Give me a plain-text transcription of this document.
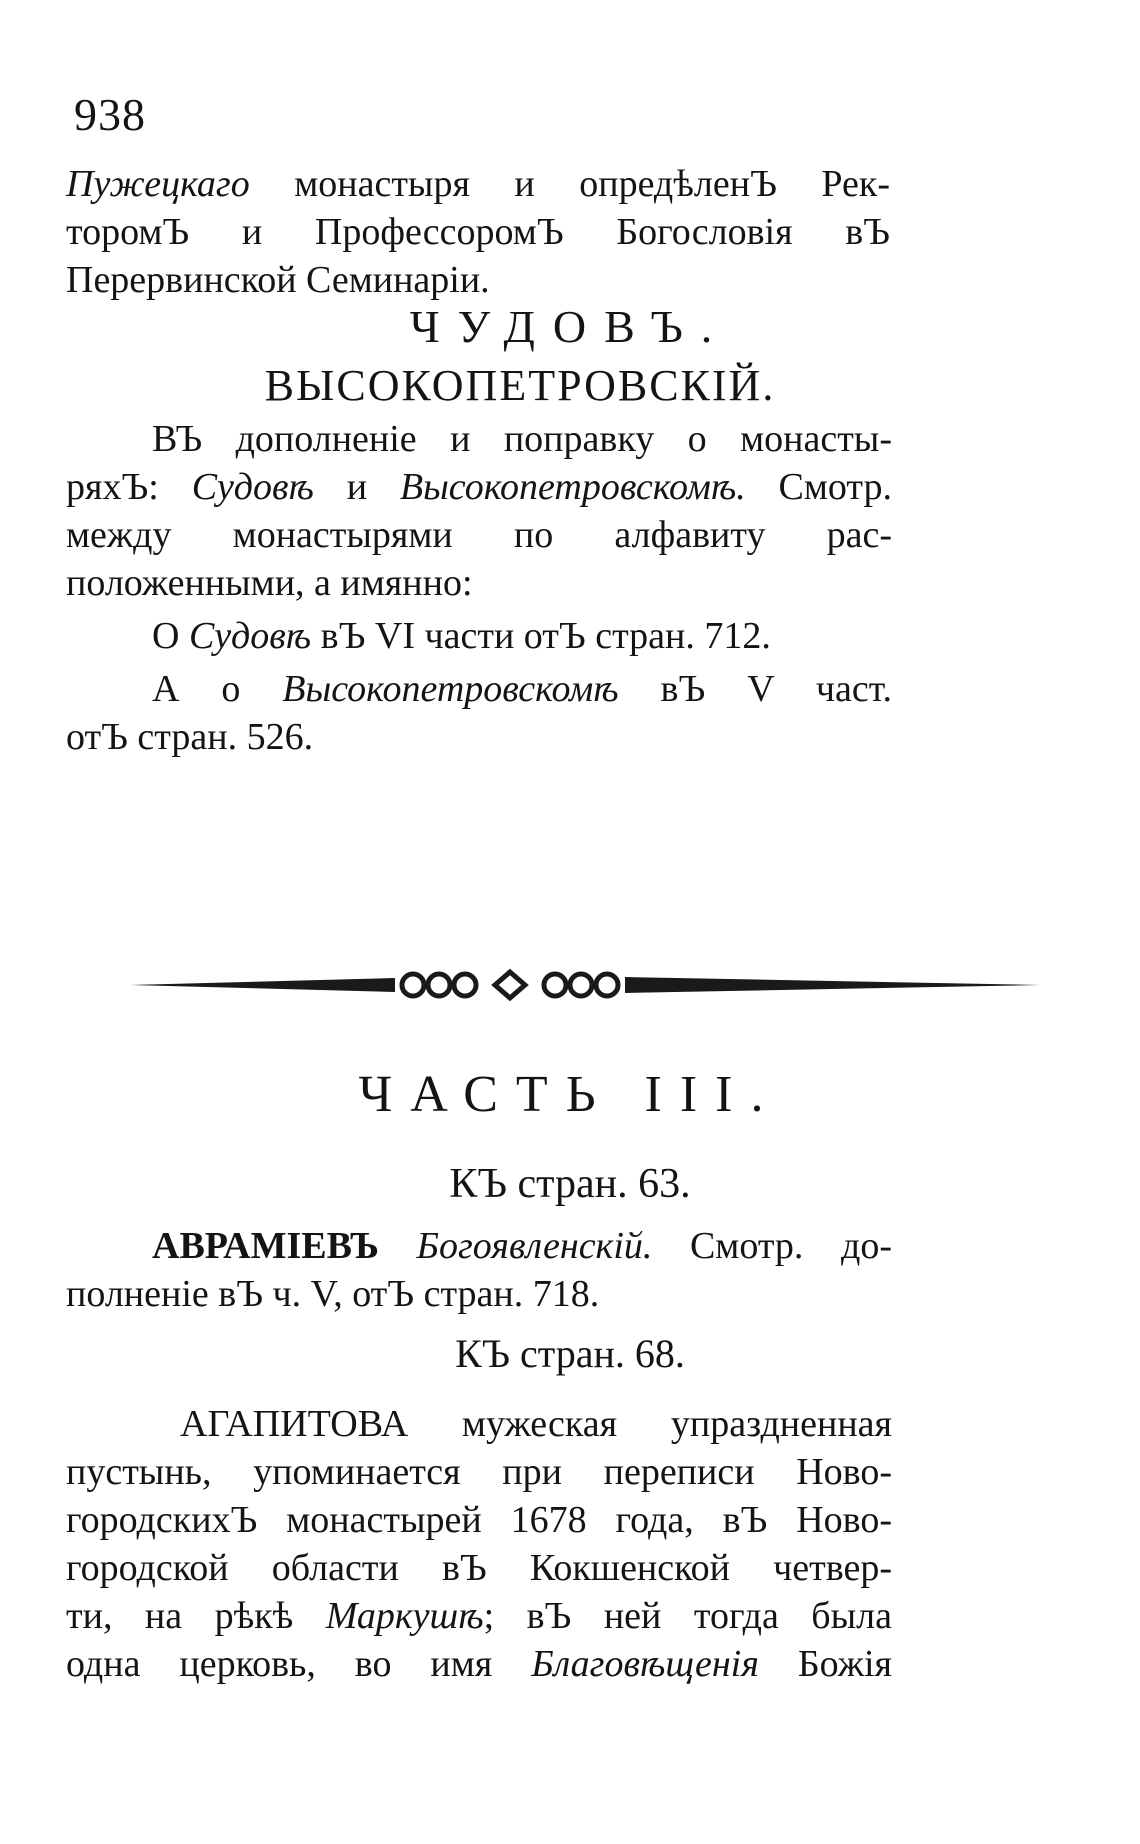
938
Пужецкаго монастыря и опредѣленЪ Рек-
торомЪ и ПрофессоромЪ Богословія вЪ
Перервинской Семинаріи.
ЧУДОВЪ.
ВЫСОКОПЕТРОВСКІЙ.
ВЪ дополненіе и поправку о монасты-
ряхЪ: Судовѣ и Высокопетровскомѣ. Смотр.
между монастырями по алфавиту рас-
положенными, а имянно:
О Судовѣ вЪ VI части отЪ стран. 712.
А о Высокопетровскомѣ вЪ V част.
отЪ стран. 526.
ЧАСТЬ III.
КЪ стран. 63.
АВРАМІЕВЪ Богоявленскій. Смотр. до-
полненіе вЪ ч. V, отЪ стран. 718.
КЪ стран. 68.
АГАПИТОВА мужеская упраздненная
пустынь, упоминается при переписи Ново-
городскихЪ монастырей 1678 года, вЪ Ново-
городской области вЪ Кокшенской четвер-
ти, на рѣкѣ Маркушѣ; вЪ ней тогда была
одна церковь, во имя Благовѣщенія Божія
